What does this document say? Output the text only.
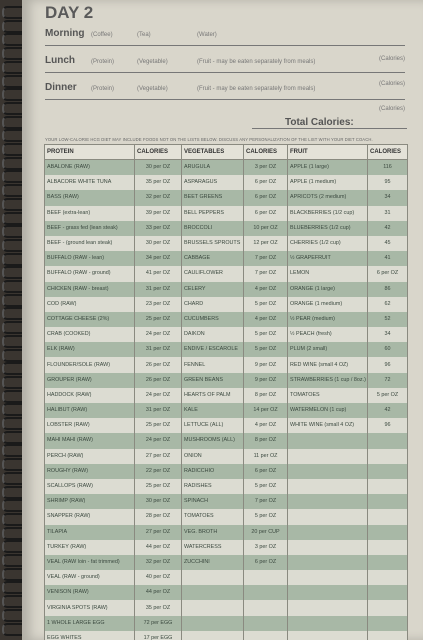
DAY 2
Morning (Coffee)	(Tea)	(Water)
(Calories)
Lunch	(Protein)	(Vegetable)	(Fruit - may be eaten separately from meals)
(Calories)
Dinner (Protein)	(Vegetable)	(Fruit - may be eaten separately from meals)
(Calories)
Total Calories:
YOUR LOW-CALORIE HCG DIET MAY INCLUDE FOODS NOT ON THE LISTS BELOW. DISCUSS ANY PERSONALIZATION OF THE LIST WITH YOUR DIET COACH.
PROTEIN	CALORIES	VEGETABLES	CALORIES	FRUIT	CALORIES
ABALONE (RAW)	30 per OZ	ARUGULA	3 per OZ	APPLE (1 large)	116
ALBACORE WHITE TUNA	35 per OZ	ASPARAGUS	6 per OZ	APPLE (1 medium)	95
BASS (RAW)	32 per OZ	BEET GREENS	6 per OZ	APRICOTS (2 medium)	34
BEEF (extra-lean)	39 per OZ	BELL PEPPERS	6 per OZ	BLACKBERRIES (1/2 cup)	31
BEEF - grass fed (lean steak)	33 per OZ	BROCCOLI	10 per OZ	BLUEBERRIES (1/2 cup)	42
BEEF - (ground lean steak)	30 per OZ	BRUSSELS SPROUTS	12 per OZ	CHERRIES (1/2 cup)	45
BUFFALO (RAW - lean)	34 per OZ	CABBAGE	7 per OZ	½ GRAPEFRUIT	41
BUFFALO (RAW - ground)	41 per OZ	CAULIFLOWER	7 per OZ	LEMON	6 per OZ
CHICKEN (RAW - breast)	31 per OZ	CELERY	4 per OZ	ORANGE (1 large)	86
COD (RAW)	23 per OZ	CHARD	5 per OZ	ORANGE (1 medium)	62
COTTAGE CHEESE (2%)	25 per OZ	CUCUMBERS	4 per OZ	½ PEAR (medium)	52
CRAB (COOKED)	24 per OZ	DAIKON	5 per OZ	½ PEACH (fresh)	34
ELK (RAW)	31 per OZ	ENDIVE / ESCAROLE	5 per OZ	PLUM (2 small)	60
FLOUNDER/SOLE (RAW)	26 per OZ	FENNEL	9 per OZ	RED WINE (small 4 OZ)	96
GROUPER (RAW)	26 per OZ	GREEN BEANS	9 per OZ	STRAWBERRIES (1 cup / 8oz.)	72
HADDOCK (RAW)	24 per OZ	HEARTS OF PALM	8 per OZ	TOMATOES	5 per OZ
HALIBUT (RAW)	31 per OZ	KALE	14 per OZ	WATERMELON (1 cup)	42
LOBSTER (RAW)	25 per OZ	LETTUCE (ALL)	4 per OZ	WHITE WINE (small 4 OZ)	96
MAHI MAHI (RAW)	24 per OZ	MUSHROOMS (ALL)	8 per OZ		
PERCH (RAW)	27 per OZ	ONION	11 per OZ		
ROUGHY (RAW)	22 per OZ	RADICCHIO	6 per OZ		
SCALLOPS (RAW)	25 per OZ	RADISHES	5 per OZ		
SHRIMP (RAW)	30 per OZ	SPINACH	7 per OZ		
SNAPPER (RAW)	28 per OZ	TOMATOES	5 per OZ		
TILAPIA	27 per OZ	VEG. BROTH	20 per CUP		
TURKEY (RAW)	44 per OZ	WATERCRESS	3 per OZ		
VEAL (RAW loin - fat trimmed)	32 per OZ	ZUCCHINI	6 per OZ		
VEAL (RAW - ground)	40 per OZ				
VENISON (RAW)	44 per OZ				
VIRGINIA SPOTS (RAW)	35 per OZ				
1 WHOLE LARGE EGG	72 per EGG				
EGG WHITES	17 per EGG				
